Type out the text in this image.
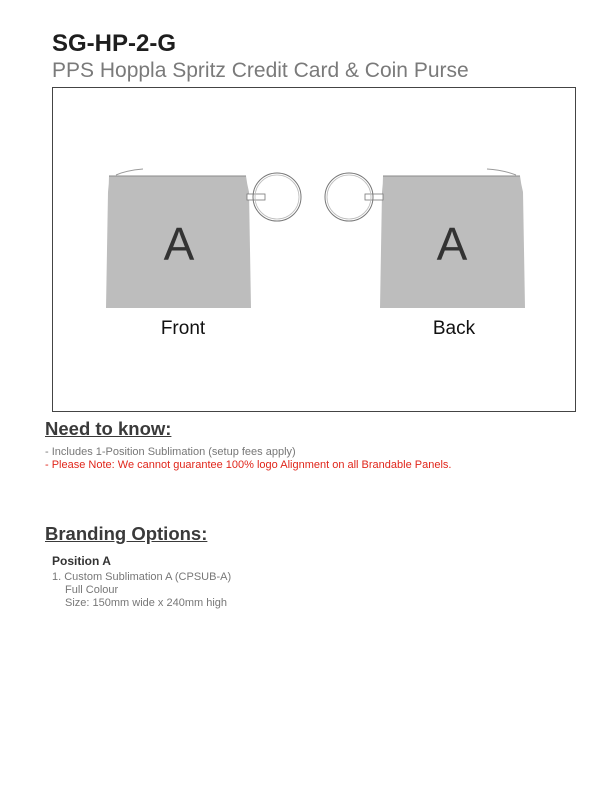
SG-HP-2-G
PPS Hoppla Spritz Credit Card & Coin Purse
A
Front
A
Back
Need to know:
- Includes 1-Position Sublimation (setup fees apply)
- Please Note: We cannot guarantee 100% logo Alignment on all Brandable Panels.
Branding Options:
Position A
1. Custom Sublimation A (CPSUB-A)
Full Colour
Size: 150mm wide x 240mm high
